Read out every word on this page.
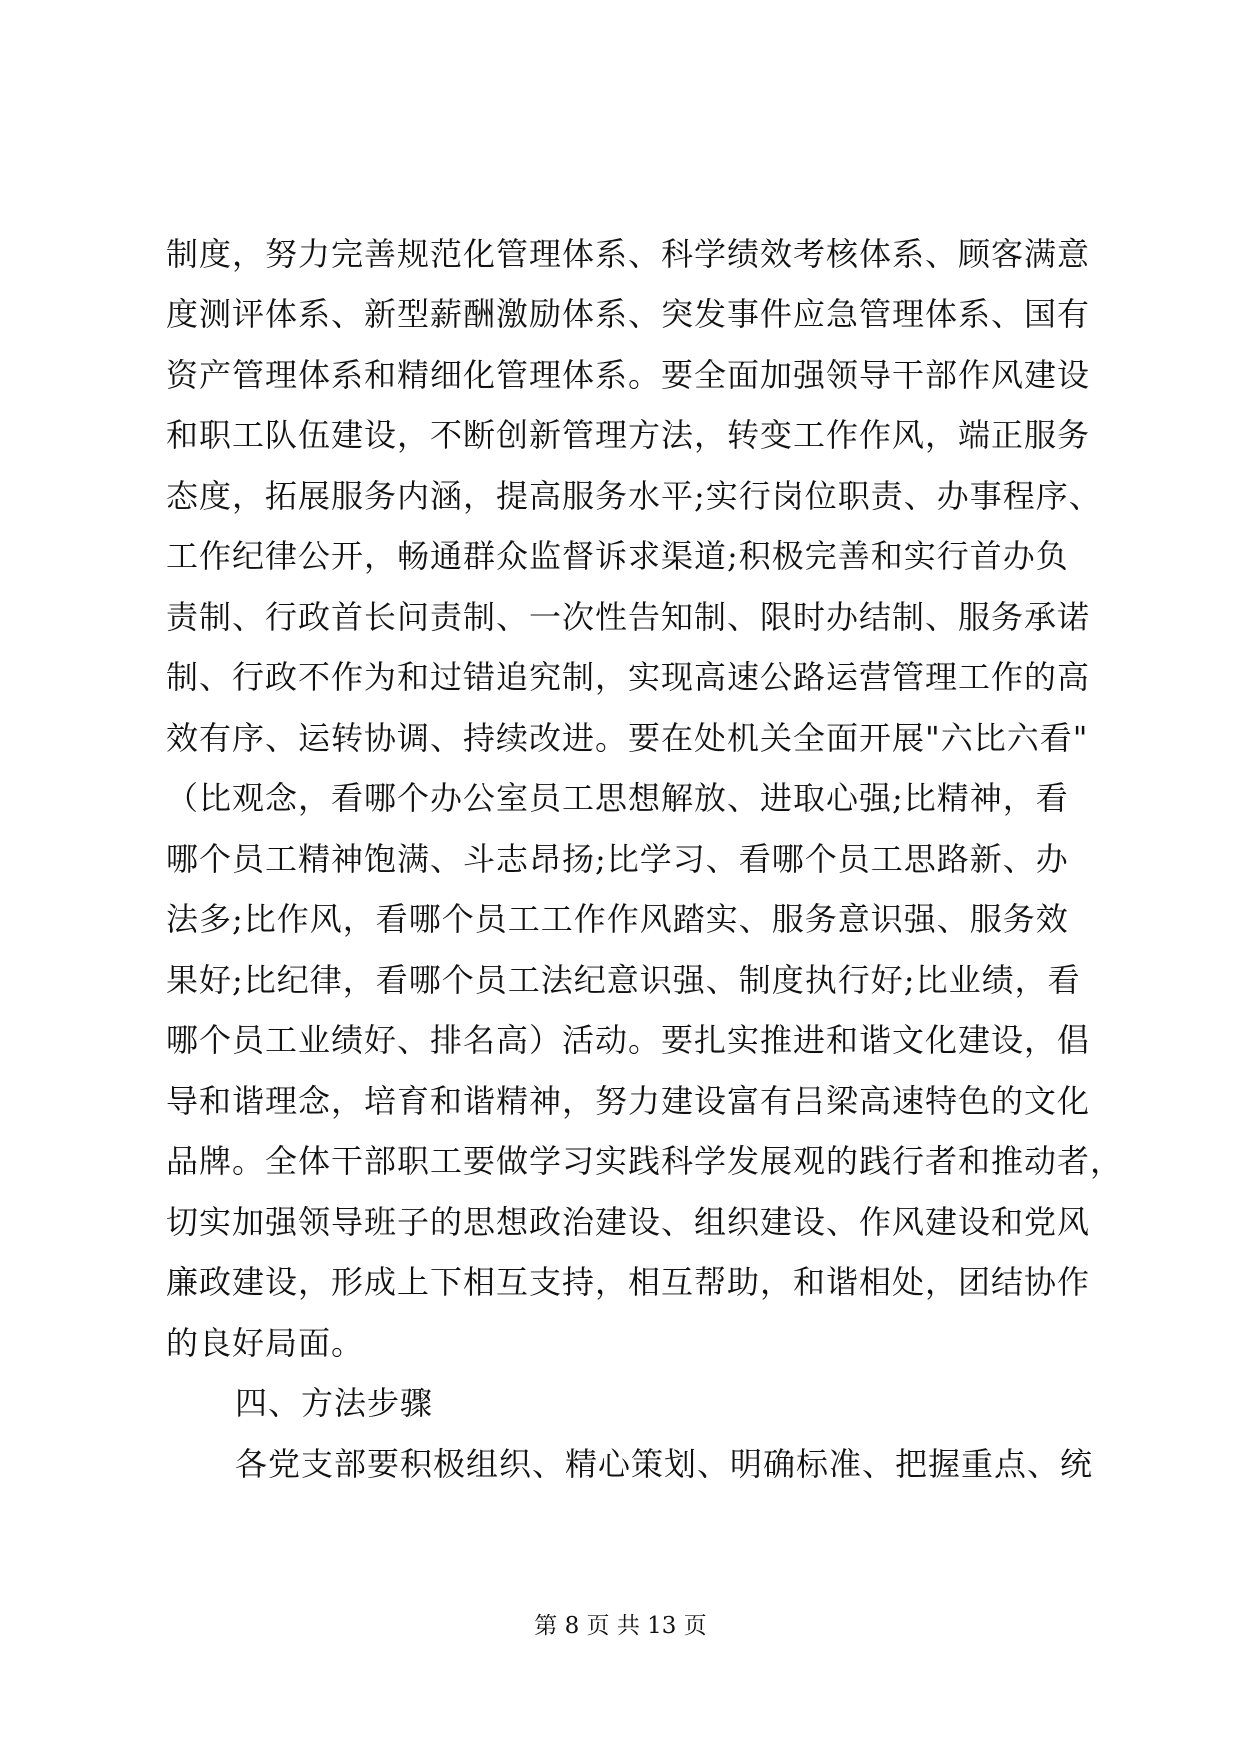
制度，努力完善规范化管理体系、科学绩效考核体系、顾客满意
度测评体系、新型薪酬激励体系、突发事件应急管理体系、国有
资产管理体系和精细化管理体系。要全面加强领导干部作风建设
和职工队伍建设，不断创新管理方法，转变工作作风，端正服务
态度，拓展服务内涵，提高服务水平;实行岗位职责、办事程序、
工作纪律公开，畅通群众监督诉求渠道;积极完善和实行首办负
责制、行政首长问责制、一次性告知制、限时办结制、服务承诺
制、行政不作为和过错追究制，实现高速公路运营管理工作的高
效有序、运转协调、持续改进。要在处机关全面开展"六比六看"
（比观念，看哪个办公室员工思想解放、进取心强;比精神，看
哪个员工精神饱满、斗志昂扬;比学习、看哪个员工思路新、办
法多;比作风，看哪个员工工作作风踏实、服务意识强、服务效
果好;比纪律，看哪个员工法纪意识强、制度执行好;比业绩，看
哪个员工业绩好、排名高）活动。要扎实推进和谐文化建设，倡
导和谐理念，培育和谐精神，努力建设富有吕梁高速特色的文化
品牌。全体干部职工要做学习实践科学发展观的践行者和推动者，
切实加强领导班子的思想政治建设、组织建设、作风建设和党风
廉政建设，形成上下相互支持，相互帮助，和谐相处，团结协作
的良好局面。
四、方法步骤
各党支部要积极组织、精心策划、明确标准、把握重点、统
第 8 页 共 13 页
